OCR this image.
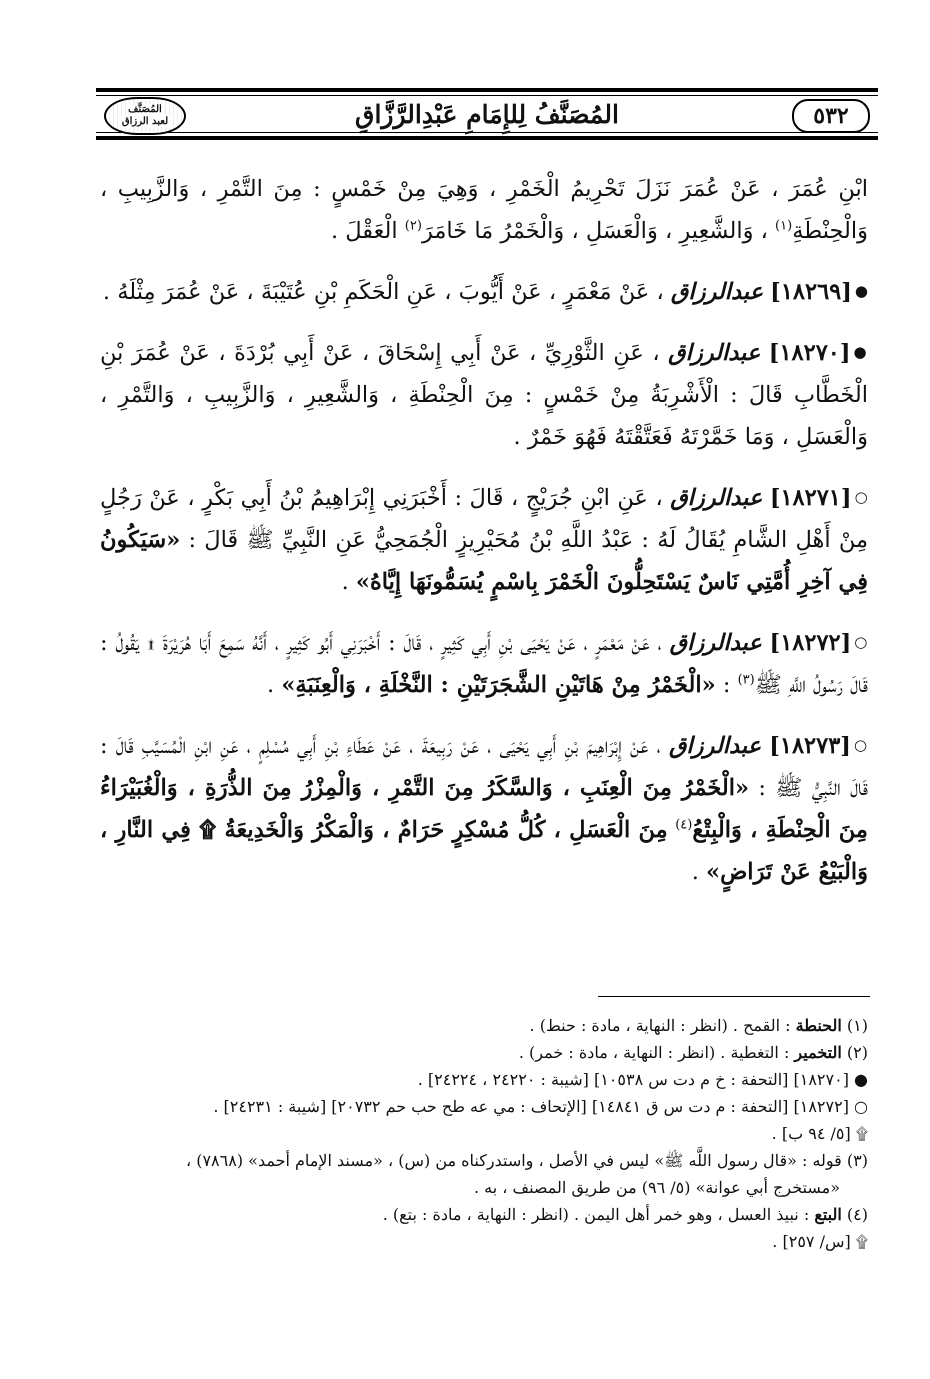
٥٣٢
المُصَنَّفُ لِلإِمَامِ عَبْدِالرَّزَّاقِ
المُصَنَّف
لعبد الرزاق

ابْنِ عُمَرَ ، عَنْ عُمَرَ نَزَلَ تَحْرِيمُ الْخَمْرِ ، وَهِيَ مِنْ خَمْسٍ : مِنَ التَّمْرِ ، وَالزَّبِيبِ ، وَالْحِنْطَةِ$^{(١)}$ ، وَالشَّعِيرِ ، وَالْعَسَلِ ، وَالْخَمْرُ مَا خَامَرَ$^{(٢)}$ الْعَقْلَ .

●[١٨٢٦٩] عبدالرزاق ، عَنْ مَعْمَرٍ ، عَنْ أَيُّوبَ ، عَنِ الْحَكَمِ بْنِ عُتَيْبَةَ ، عَنْ عُمَرَ مِثْلَهُ .

●[١٨٢٧٠] عبدالرزاق ، عَنِ الثَّوْرِيِّ ، عَنْ أَبِي إِسْحَاقَ ، عَنْ أَبِي بُرْدَةَ ، عَنْ عُمَرَ بْنِ الْخَطَّابِ قَالَ : الْأَشْرِبَةُ مِنْ خَمْسٍ : مِنَ الْحِنْطَةِ ، وَالشَّعِيرِ ، وَالزَّبِيبِ ، وَالتَّمْرِ ، وَالْعَسَلِ ، وَمَا خَمَّرْتَهُ فَعَتَّقْتَهُ فَهُوَ خَمْرٌ .

○[١٨٢٧١] عبدالرزاق ، عَنِ ابْنِ جُرَيْجٍ ، قَالَ : أَخْبَرَنِي إِبْرَاهِيمُ بْنُ أَبِي بَكْرٍ ، عَنْ رَجُلٍ مِنْ أَهْلِ الشَّامِ يُقَالُ لَهُ : عَبْدُ اللَّهِ بْنُ مُحَيْرِيزٍ الْجُمَحِيُّ عَنِ النَّبِيِّ ﷺ قَالَ : «سَيَكُونُ فِي آخِرِ أُمَّتِي نَاسٌ يَسْتَحِلُّونَ الْخَمْرَ بِاسْمٍ يُسَمُّونَهَا إِيَّاهُ» .

○[١٨٢٧٢] عبدالرزاق ، عَنْ مَعْمَرٍ ، عَنْ يَحْيَى بْنِ أَبِي كَثِيرٍ ، قَالَ : أَخْبَرَنِي أَبُو كَثِيرٍ ، أَنَّهُ سَمِعَ أَبَا هُرَيْرَةَ ۩ يَقُولُ : قَالَ رَسُولُ اللَّهِ ﷺ$^{(٣)}$ : «الْخَمْرُ مِنْ هَاتَيْنِ الشَّجَرَتَيْنِ : النَّخْلَةِ ، وَالْعِنَبَةِ» .

○[١٨٢٧٣] عبدالرزاق ، عَنْ إِبْرَاهِيمَ بْنِ أَبِي يَحْيَى ، عَنْ رَبِيعَةَ ، عَنْ عَطَاءِ بْنِ أَبِي مُسْلِمٍ ، عَنِ ابْنِ الْمُسَيَّبِ قَالَ : قَالَ النَّبِيُّ ﷺ : «الْخَمْرُ مِنَ الْعِنَبِ ، وَالسَّكَرُ مِنَ التَّمْرِ ، وَالْمِزْرُ مِنَ الذُّرَةِ ، وَالْغُبَيْرَاءُ مِنَ الْحِنْطَةِ ، وَالْبِتْعُ$^{(٤)}$ مِنَ الْعَسَلِ ، كُلُّ مُسْكِرٍ حَرَامٌ ، وَالْمَكْرُ وَالْخَدِيعَةُ ۩ فِي النَّارِ ، وَالْبَيْعُ عَنْ تَرَاضٍ» .

(١) الحنطة : القمح . (انظر : النهاية ، مادة : حنط) .

(٢) التخمير : التغطية . (انظر : النهاية ، مادة : خمر) .

● [١٨٢٧٠] [التحفة : خ م دت س ١٠٥٣٨] [شيبة : ٢٤٢٢٠ ، ٢٤٢٢٤] .

○ [١٨٢٧٢] [التحفة : م دت س ق ١٤٨٤١] [الإتحاف : مي عه طح حب حم ٢٠٧٣٢] [شيبة : ٢٤٢٣١] .

۩ [٥/ ٩٤ ب] .

(٣) قوله : «قال رسول اللَّه ﷺ» ليس في الأصل ، واستدركناه من (س) ، «مسند الإمام أحمد» (٧٨٦٨) ،

«مستخرج أبي عوانة» (٥/ ٩٦) من طريق المصنف ، به .

(٤) البتع : نبيذ العسل ، وهو خمر أهل اليمن . (انظر : النهاية ، مادة : بتع) .

۩ [س/ ٢٥٧] .
